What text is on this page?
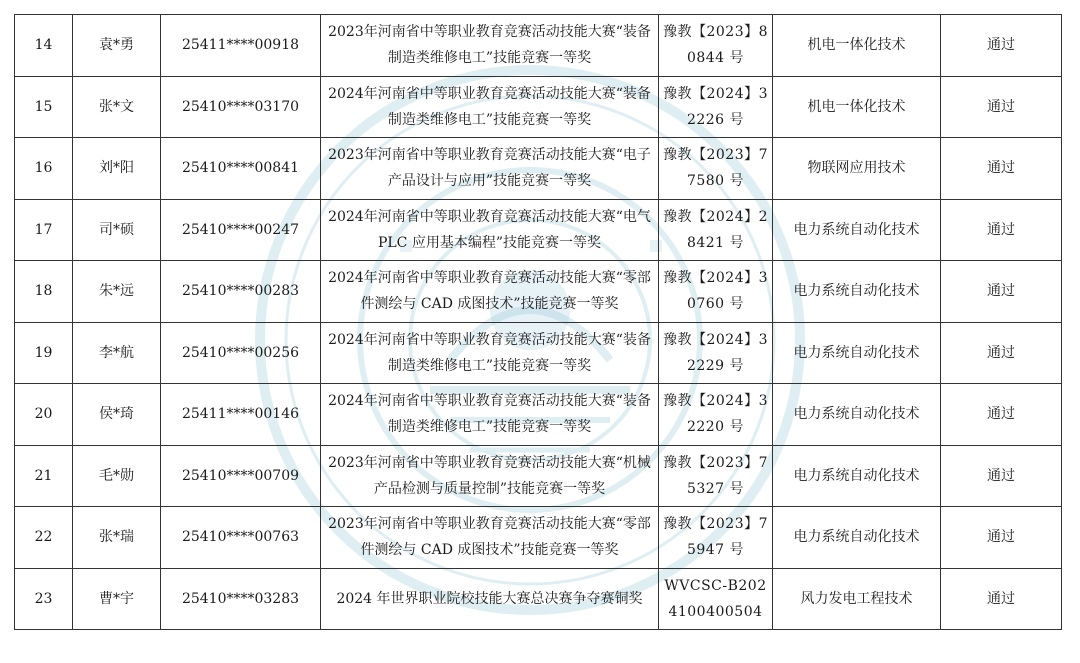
14	袁*勇	25411****00918	2023年河南省中等职业教育竞赛活动技能大赛“装备制造类维修电工”技能竞赛一等奖	豫教【2023】80844 号	机电一体化技术	通过
15	张*文	25410****03170	2024年河南省中等职业教育竞赛活动技能大赛“装备制造类维修电工”技能竞赛一等奖	豫教【2024】32226 号	机电一体化技术	通过
16	刘*阳	25410****00841	2023年河南省中等职业教育竞赛活动技能大赛“电子产品设计与应用”技能竞赛一等奖	豫教【2023】77580 号	物联网应用技术	通过
17	司*硕	25410****00247	2024年河南省中等职业教育竞赛活动技能大赛“电气 PLC 应用基本编程”技能竞赛一等奖	豫教【2024】28421 号	电力系统自动化技术	通过
18	朱*远	25410****00283	2024年河南省中等职业教育竞赛活动技能大赛“零部件测绘与 CAD 成图技术”技能竞赛一等奖	豫教【2024】30760 号	电力系统自动化技术	通过
19	李*航	25410****00256	2024年河南省中等职业教育竞赛活动技能大赛“装备制造类维修电工”技能竞赛一等奖	豫教【2024】32229 号	电力系统自动化技术	通过
20	侯*琦	25411****00146	2024年河南省中等职业教育竞赛活动技能大赛“装备制造类维修电工”技能竞赛一等奖	豫教【2024】32220 号	电力系统自动化技术	通过
21	毛*勋	25410****00709	2023年河南省中等职业教育竞赛活动技能大赛“机械产品检测与质量控制”技能竞赛一等奖	豫教【2023】75327 号	电力系统自动化技术	通过
22	张*瑞	25410****00763	2023年河南省中等职业教育竞赛活动技能大赛“零部件测绘与 CAD 成图技术”技能竞赛一等奖	豫教【2023】75947 号	电力系统自动化技术	通过
23	曹*宇	25410****03283	2024 年世界职业院校技能大赛总决赛争夺赛铜奖	WVCSC-B2024100400504	风力发电工程技术	通过
